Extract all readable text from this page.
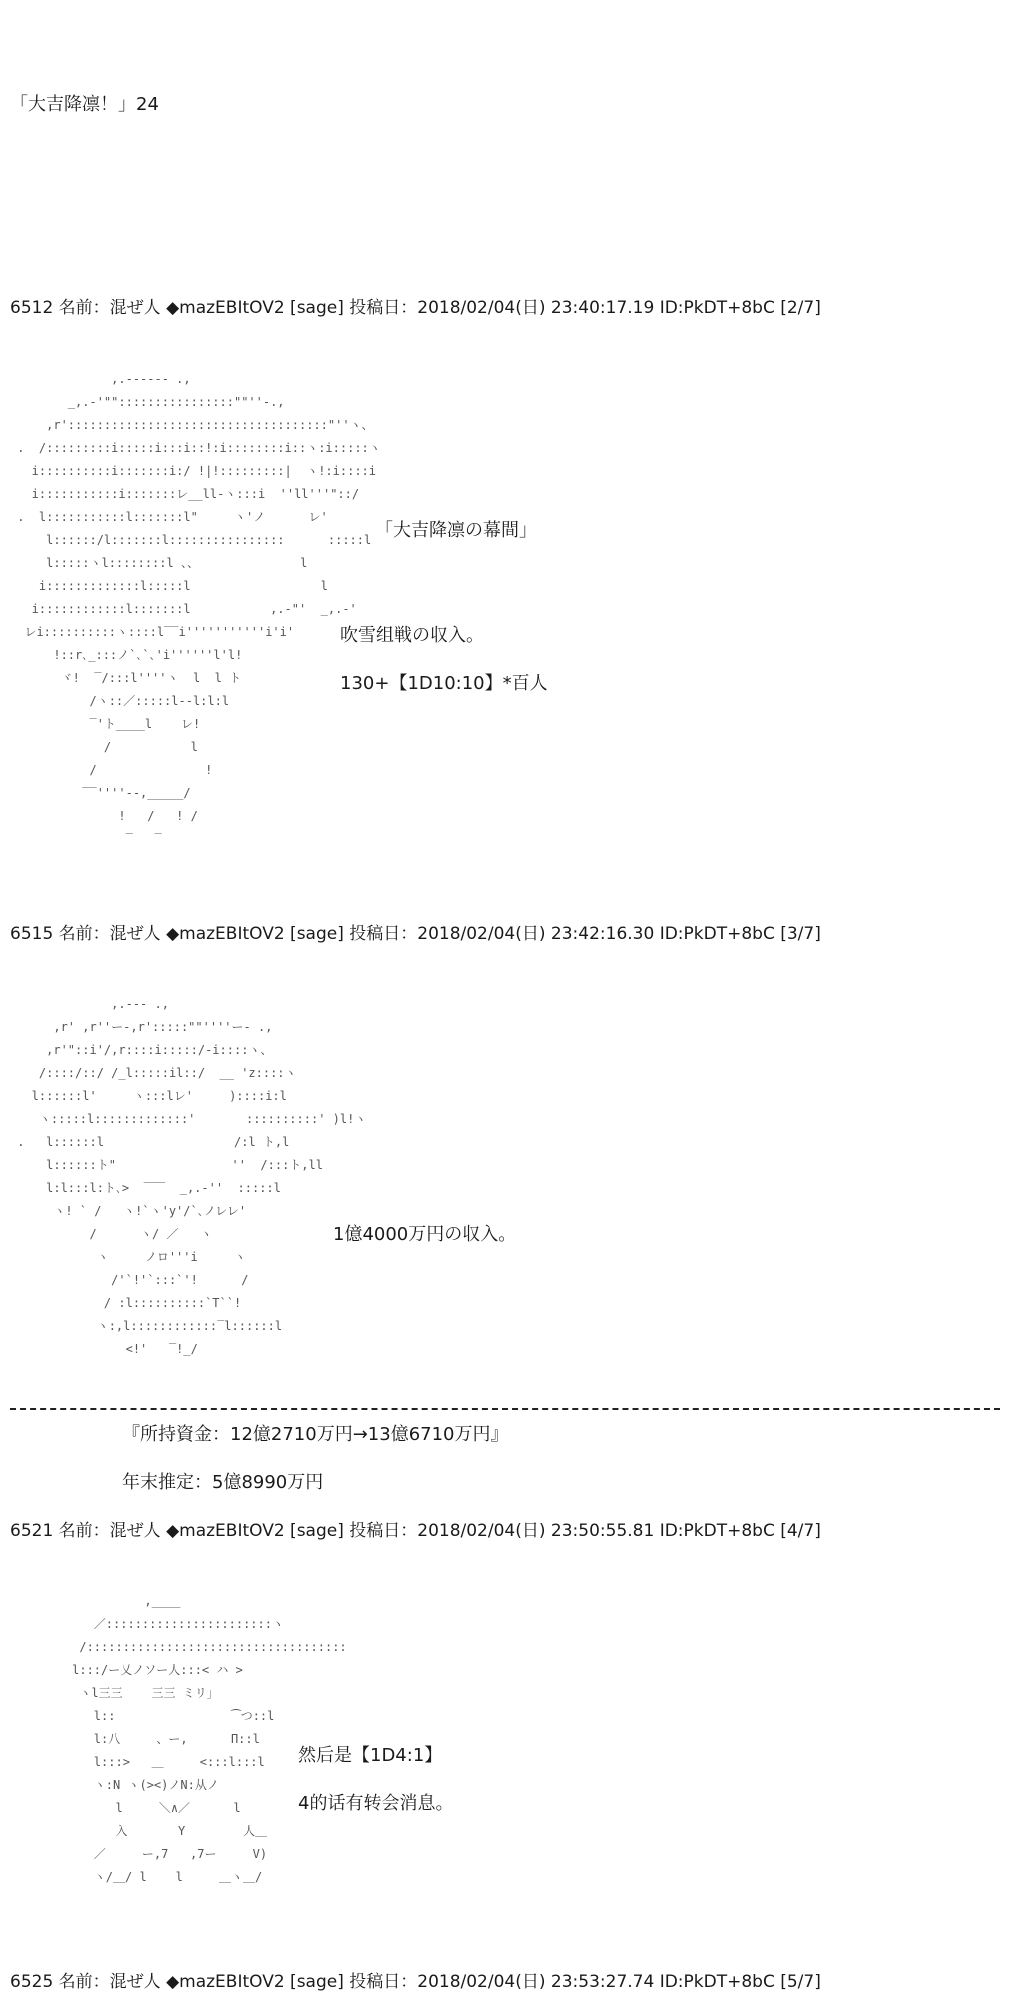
「大吉降凛！」24
6512 名前：混ぜ人 ◆mazEBItOV2 [sage] 投稿日：2018/02/04(日) 23:40:17.19 ID:PkDT+8bC [2/7]
,.-‐‐‐‐- .,
_,.-'""::::::::::::::::""''-.,
,r'::::::::::::::::::::::::::::::::::::"''ヽ、
.  /:::::::::i:::::i:::i::!:i::::::::i::ヽ:i:::::ヽ
i::::::::::i:::::::i:/ !|!:::::::::|  ヽ!:i::::i
i:::::::::::i:::::::レ__ll-ヽ:::i  ''ll'''"::/
.  l:::::::::::l:::::::l"     ヽ'ノ      レ'
l::::::/l:::::::l::::::::::::::::      :::::l
l:::::ヽl::::::::l 、、              l
i:::::::::::::l:::::l                  l
i::::::::::::l:::::::l           ,.-"'  _,.-'
レi::::::::::ヽ::::l‾‾i'''''''''''i'i'
!::r､_:::ノ`､`､'i''''''l'l!
ヾ!  ‾/:::l''''ヽ  l  l ト
/ヽ::／:::::l--l:l:l
‾'ト____l    レ!
/           l
/               !
‾‾''''--,_____/
!   /   ! /
‾   ‾
「大吉降凛の幕間」
吹雪组戦の収入。
130+【1D10:10】*百人
6515 名前：混ぜ人 ◆mazEBItOV2 [sage] 投稿日：2018/02/04(日) 23:42:16.30 ID:PkDT+8bC [3/7]
,.--- .,
,r' ,r''ー-,r':::::""''''ー- .,
,r'"::i'/,r::::i:::::/-i::::ヽ、
/::::/::/ /_l:::::il::/  __ 'z::::ヽ
l::::::l'     ヽ:::lレ'     )::::i:l
ヽ:::::l:::::::::::::'       ::::::::::' )l!ヽ
.   l::::::l                  /:l ト,l
l::::::ト"                ''  /:::ト,ll
l:l:::l:ト､>  ‾‾‾  _,.-''  :::::l
ヽ! ` /   ヽ!`ヽ'y'/`､ノレレ'
/      ヽ/ ／   ヽ
ヽ     ノロ'''i     ヽ
/'`!'`:::`'!      /
/ :l::::::::::`T``!
ヽ:,l::::::::::::‾l::::::l
<!'   ‾!_/
1億4000万円の収入。
『所持資金：12億2710万円→13億6710万円』
年末推定：5億8990万円
6521 名前：混ぜ人 ◆mazEBItOV2 [sage] 投稿日：2018/02/04(日) 23:50:55.81 ID:PkDT+8bC [4/7]
,____
／:::::::::::::::::::::::ヽ
/::::::::::::::::::::::::::::::::::::
l:::/ー乂ノソー人:::< ハ >
ヽl三三    三三 ミリ」
l::                ⁀つ::l
l:八     、ー,      П::l
l:::>   ＿     <:::l:::l
ヽ:N ヽ(><)ノN:从ノ
l     ＼∧／      l
入       Y        人＿
／     ー,7   ,7ー     V)
ヽ/＿/ l    l     ＿ヽ＿/
然后是【1D4:1】
4的话有转会消息。
6525 名前：混ぜ人 ◆mazEBItOV2 [sage] 投稿日：2018/02/04(日) 23:53:27.74 ID:PkDT+8bC [5/7]
